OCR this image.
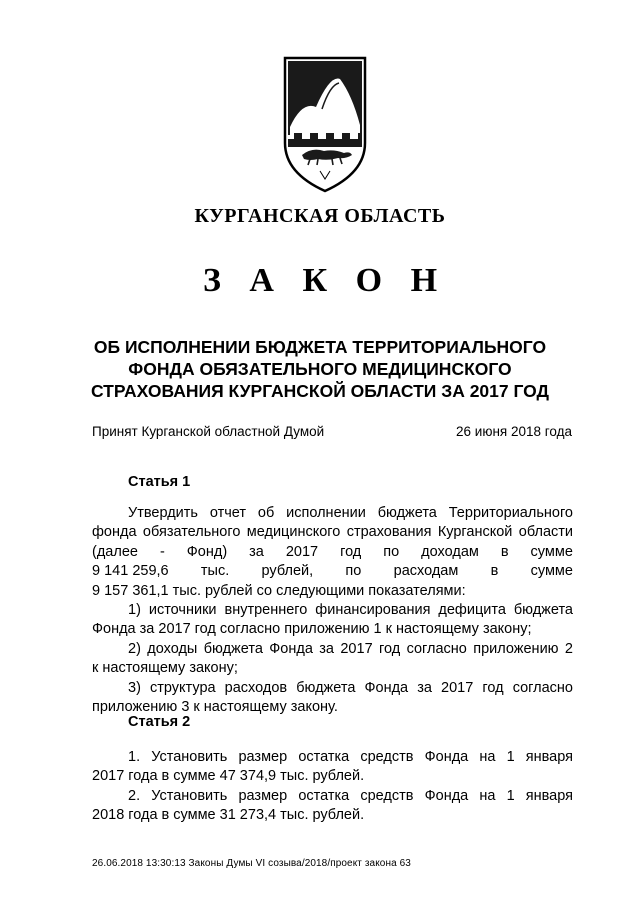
КУРГАНСКАЯ ОБЛАСТЬ
З А К О Н
ОБ ИСПОЛНЕНИИ БЮДЖЕТА ТЕРРИТОРИАЛЬНОГО
ФОНДА ОБЯЗАТЕЛЬНОГО МЕДИЦИНСКОГО
СТРАХОВАНИЯ КУРГАНСКОЙ ОБЛАСТИ ЗА 2017 ГОД
Принят Курганской областной Думой	26 июня 2018 года
Статья 1
Утвердить отчет об исполнении бюджета Территориального
фонда обязательного медицинского страхования Курганской области
(далее - Фонд) за 2017 год по доходам в сумме
9 141 259,6 тыс. рублей, по расходам в сумме
9 157 361,1 тыс. рублей со следующими показателями:
1) источники внутреннего финансирования дефицита бюджета
Фонда за 2017 год согласно приложению 1 к настоящему закону;
2) доходы бюджета Фонда за 2017 год согласно приложению 2
к настоящему закону;
3) структура расходов бюджета Фонда за 2017 год согласно
приложению 3 к настоящему закону.
Статья 2
1. Установить размер остатка средств Фонда на 1 января
2017 года в сумме 47 374,9 тыс. рублей.
2. Установить размер остатка средств Фонда на 1 января
2018 года в сумме 31 273,4 тыс. рублей.
26.06.2018 13:30:13 Законы Думы VI созыва/2018/проект закона 63
